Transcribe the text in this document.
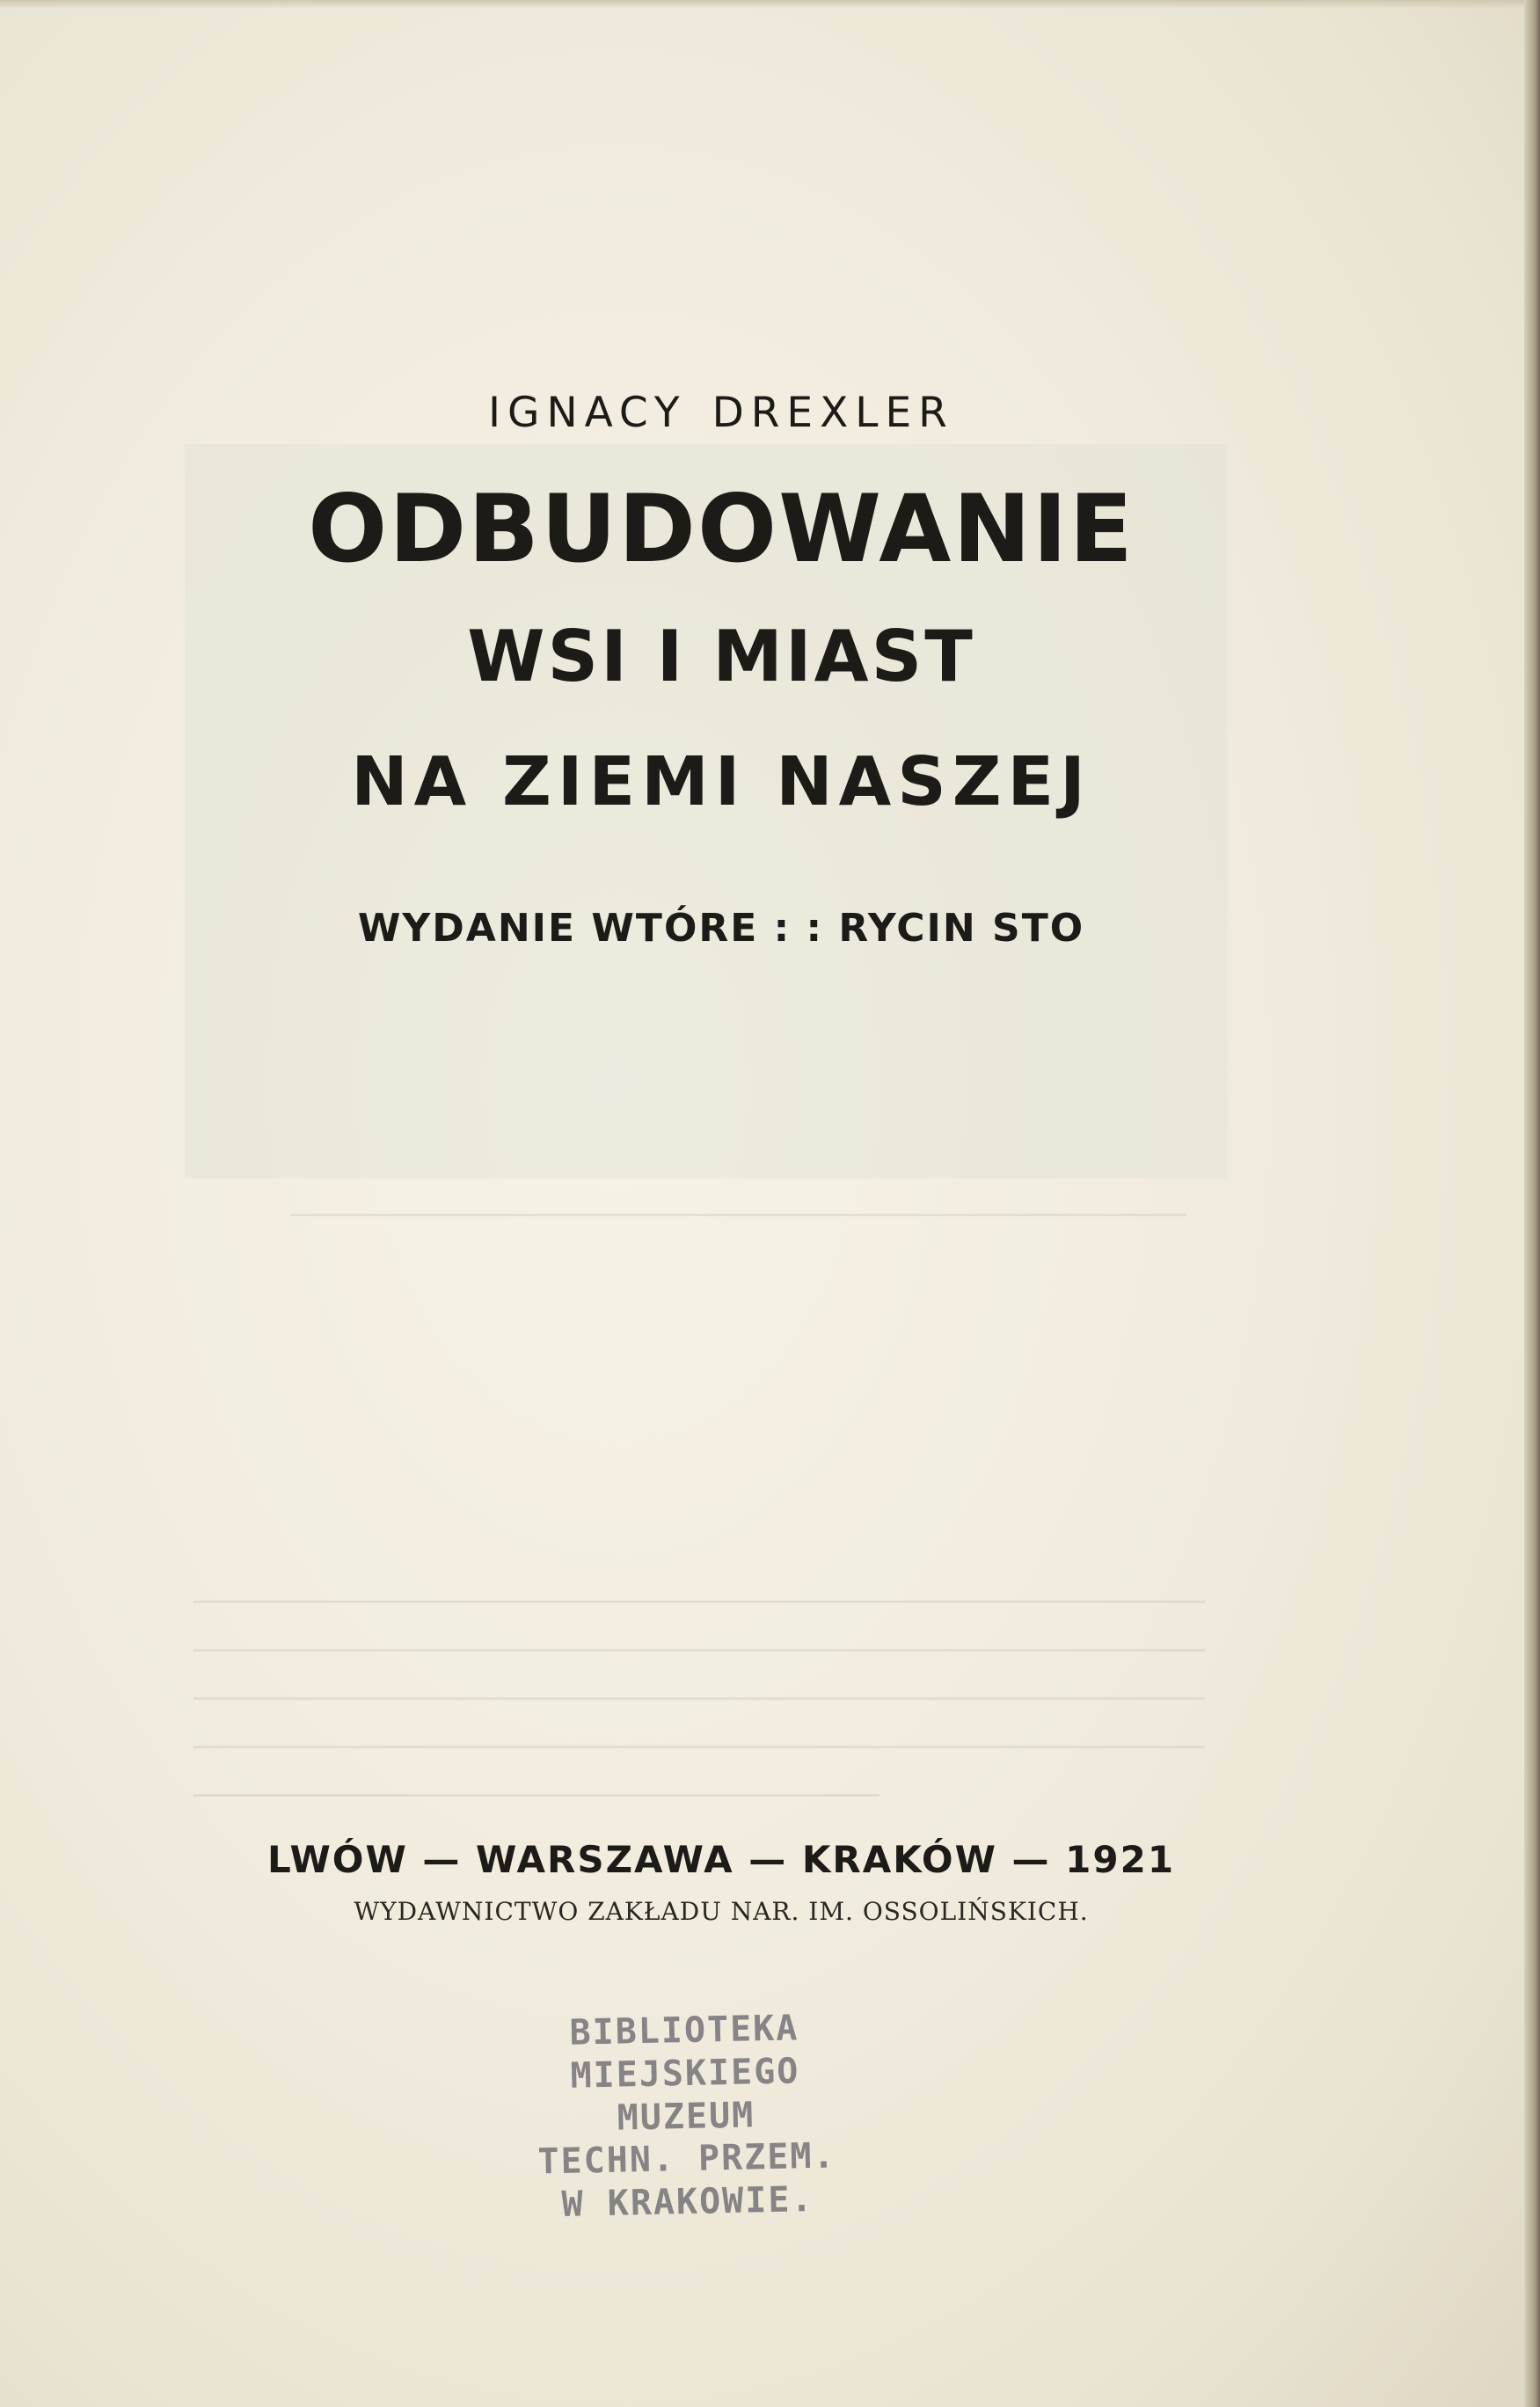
IGNACY DREXLER
ODBUDOWANIE
WSI I MIAST
NA ZIEMI NASZEJ
WYDANIE WTÓRE : : RYCIN STO
LWÓW — WARSZAWA — KRAKÓW — 1921
WYDAWNICTWO ZAKŁADU NAR. IM. OSSOLIŃSKICH.
BIBLIOTEKA
MIEJSKIEGO
MUZEUM
TECHN. PRZEM.
W KRAKOWIE.
